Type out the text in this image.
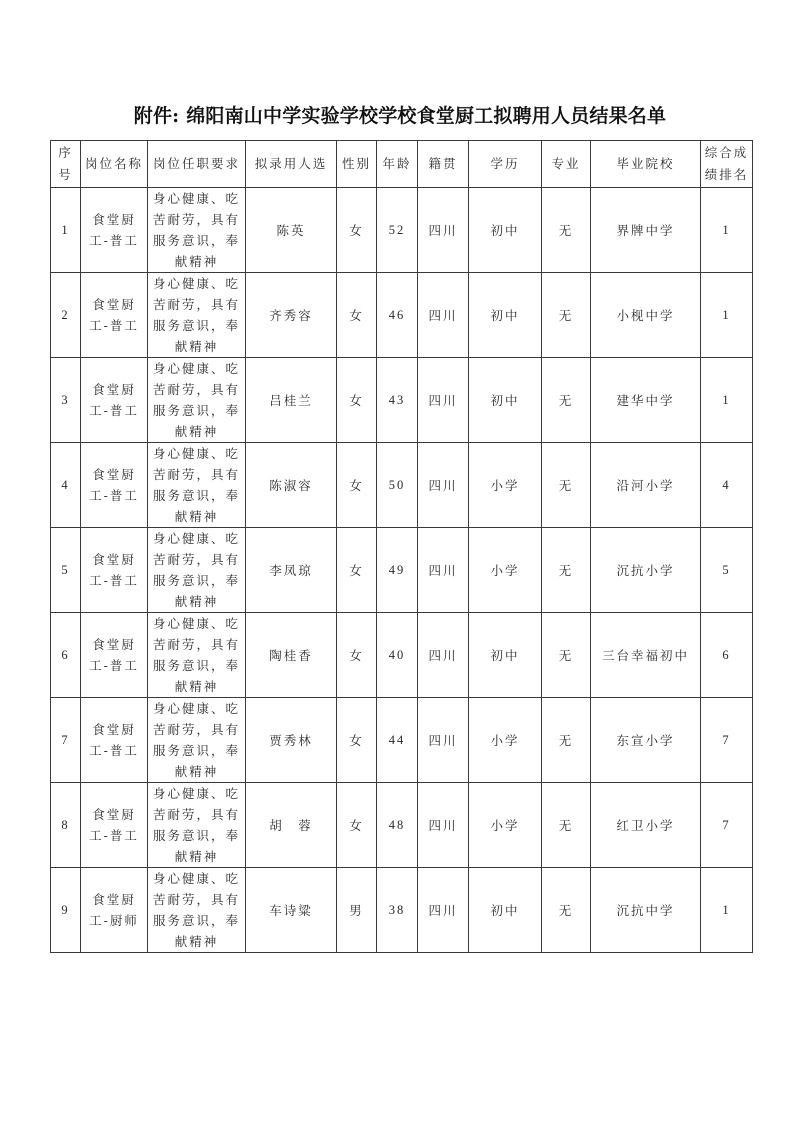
附件: 绵阳南山中学实验学校学校食堂厨工拟聘用人员结果名单
序号	岗位名称	岗位任职要求	拟录用人选	性别	年龄	籍贯	学历	专业	毕业院校	综合成绩排名
1	食堂厨工-普工	身心健康、吃苦耐劳，具有服务意识，奉献精神	陈英	女	52	四川	初中	无	界牌中学	1
2	食堂厨工-普工	身心健康、吃苦耐劳，具有服务意识，奉献精神	齐秀容	女	46	四川	初中	无	小枧中学	1
3	食堂厨工-普工	身心健康、吃苦耐劳，具有服务意识，奉献精神	吕桂兰	女	43	四川	初中	无	建华中学	1
4	食堂厨工-普工	身心健康、吃苦耐劳，具有服务意识，奉献精神	陈淑容	女	50	四川	小学	无	沿河小学	4
5	食堂厨工-普工	身心健康、吃苦耐劳，具有服务意识，奉献精神	李凤琼	女	49	四川	小学	无	沉抗小学	5
6	食堂厨工-普工	身心健康、吃苦耐劳，具有服务意识，奉献精神	陶桂香	女	40	四川	初中	无	三台幸福初中	6
7	食堂厨工-普工	身心健康、吃苦耐劳，具有服务意识，奉献精神	贾秀林	女	44	四川	小学	无	东宣小学	7
8	食堂厨工-普工	身心健康、吃苦耐劳，具有服务意识，奉献精神	胡　蓉	女	48	四川	小学	无	红卫小学	7
9	食堂厨工-厨师	身心健康、吃苦耐劳，具有服务意识，奉献精神	车诗粱	男	38	四川	初中	无	沉抗中学	1
